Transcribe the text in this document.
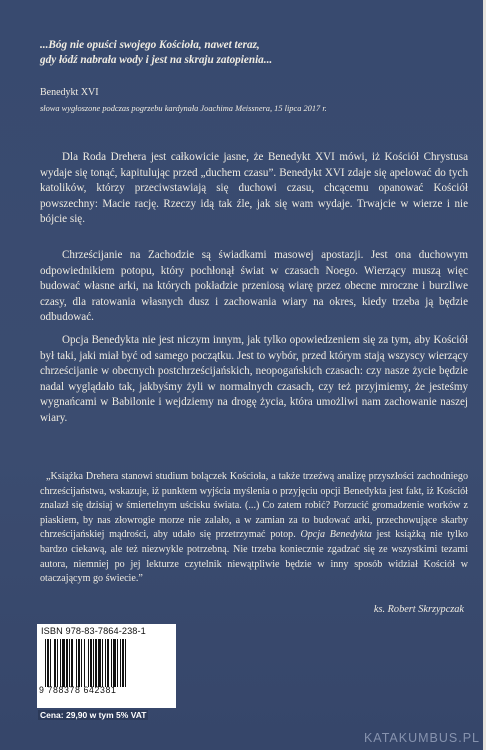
...Bóg nie opuści swojego Kościoła, nawet teraz,

gdy łódź nabrała wody i jest na skraju zatopienia...

Benedykt XVI
słowa wygłoszone podczas pogrzebu kardynała Joachima Meissnera, 15 lipca 2017 r.

Dla Roda Drehera jest całkowicie jasne, że Benedykt XVI mówi, iż Kościół Chrystusa wydaje się tonąć, kapitulując przed „duchem czasu”. Benedykt XVI zdaje się apelować do tych katolików, którzy przeciwstawiają się duchowi czasu, chcącemu opanować Kościół powszechny: Macie rację. Rzeczy idą tak źle, jak się wam wydaje. Trwajcie w wierze i nie bójcie się.

Chrześcijanie na Zachodzie są świadkami masowej apostazji. Jest ona duchowym odpowiednikiem potopu, który pochłonął świat w czasach Noego. Wierzący muszą więc budować własne arki, na których pokładzie przeniosą wiarę przez obecne mroczne i burzliwe czasy, dla ratowania własnych dusz i zachowania wiary na okres, kiedy trzeba ją będzie odbudować.

Opcja Benedykta nie jest niczym innym, jak tylko opowiedzeniem się za tym, aby Kościół był taki, jaki miał być od samego początku. Jest to wybór, przed którym stają wszyscy wierzący chrześcijanie w obecnych postchrześcijańskich, neopogańskich czasach: czy nasze życie będzie nadal wyglądało tak, jakbyśmy żyli w normalnych czasach, czy też przyjmiemy, że jesteśmy wygnańcami w Babilonie i wejdziemy na drogę życia, która umożliwi nam zachowanie naszej wiary.

„Książka Drehera stanowi studium bolączek Kościoła, a także trzeźwą analizę przyszłości zachodniego chrześcijaństwa, wskazuje, iż punktem wyjścia myślenia o przyjęciu opcji Benedykta jest fakt, iż Kościół znalazł się dzisiaj w śmiertelnym uścisku świata. (...) Co zatem robić? Porzucić gromadzenie worków z piaskiem, by nas złowrogie morze nie zalało, a w zamian za to budować arki, przechowujące skarby chrześcijańskiej mądrości, aby udało się przetrzymać potop. Opcja Benedykta jest książką nie tylko bardzo ciekawą, ale też niezwykle potrzebną. Nie trzeba koniecznie zgadzać się ze wszystkimi tezami autora, niemniej po jej lekturze czytelnik niewątpliwie będzie w inny sposób widział Kościół w otaczającym go świecie.”

ks. Robert Skrzypczak
ISBN 978-83-7864-238-1
9 788378 642381
Cena: 29,90 w tym 5% VAT
KATAKUMBUS.PL
